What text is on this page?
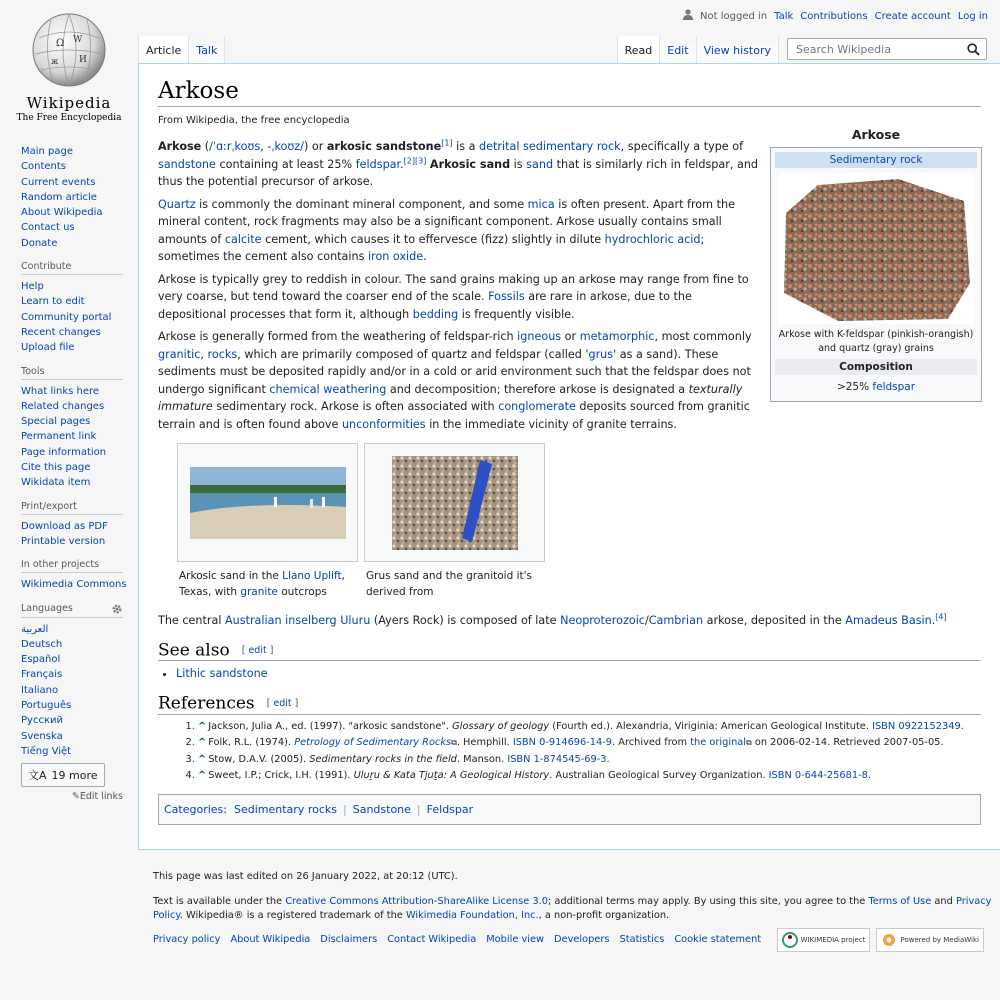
Ω W
И
ж
Wikipedia
The Free Encyclopedia
Main page
Contents
Current events
Random article
About Wikipedia
Contact us
Donate
Contribute
Help
Learn to edit
Community portal
Recent changes
Upload file
Tools
What links here
Related changes
Special pages
Permanent link
Page information
Cite this page
Wikidata item
Print/export
Download as PDF
Printable version
In other projects
Wikimedia Commons
Languages
العربية
Deutsch
Español
Français
Italiano
Português
Русский
Svenska
Tiếng Việt
文A 19 more
✎Edit links
Not logged in Talk Contributions Create account Log in
Article Talk	Read Edit View history
Search Wikipedia
Arkose
From Wikipedia, the free encyclopedia

Arkose (/ˈɑːrˌkoʊs, -ˌkoʊz/) or arkosic sandstone[1] is a detrital sedimentary rock, specifically a type of sandstone containing at least 25% feldspar.[2][3] Arkosic sand is sand that is similarly rich in feldspar, and thus the potential precursor of arkose.

Quartz is commonly the dominant mineral component, and some mica is often present. Apart from the mineral content, rock fragments may also be a significant component. Arkose usually contains small amounts of calcite cement, which causes it to effervesce (fizz) slightly in dilute hydrochloric acid; sometimes the cement also contains iron oxide.

Arkose is typically grey to reddish in colour. The sand grains making up an arkose may range from fine to very coarse, but tend toward the coarser end of the scale. Fossils are rare in arkose, due to the depositional processes that form it, although bedding is frequently visible.

Arkose is generally formed from the weathering of feldspar-rich igneous or metamorphic, most commonly granitic, rocks, which are primarily composed of quartz and feldspar (called 'grus' as a sand). These sediments must be deposited rapidly and/or in a cold or arid environment such that the feldspar does not undergo significant chemical weathering and decomposition; therefore arkose is designated a texturally immature sedimentary rock. Arkose is often associated with conglomerate deposits sourced from granitic terrain and is often found above unconformities in the immediate vicinity of granite terrains.

Arkosic sand in the Llano Uplift, Texas, with granite outcrops
Grus sand and the granitoid it's derived from

The central Australian inselberg Uluru (Ayers Rock) is composed of late Neoproterozoic/Cambrian arkose, deposited in the Amadeus Basin.[4]

See also [ edit ]
• Lithic sandstone
References [ edit ]
1. ^ Jackson, Julia A., ed. (1997). "arkosic sandstone". Glossary of geology (Fourth ed.). Alexandria, Viriginia: American Geological Institute. ISBN 0922152349.
2. ^ Folk, R.L. (1974). Petrology of Sedimentary Rocks⧉. Hemphill. ISBN 0-914696-14-9. Archived from the original⧉ on 2006-02-14. Retrieved 2007-05-05.
3. ^ Stow, D.A.V. (2005). Sedimentary rocks in the field. Manson. ISBN 1-874545-69-3.
4. ^ Sweet, I.P.; Crick, I.H. (1991). Uluṟu & Kata Tjuṯa: A Geological History. Australian Geological Survey Organization. ISBN 0-644-25681-8.
Categories:  Sedimentary rocks | Sandstone | Feldspar
Arkose
Sedimentary rock
Arkose with K-feldspar (pinkish-orangish) and quartz (gray) grains
Composition
>25% feldspar

This page was last edited on 26 January 2022, at 20:12 (UTC).

Text is available under the Creative Commons Attribution-ShareAlike License 3.0; additional terms may apply. By using this site, you agree to the Terms of Use and Privacy Policy. Wikipedia® is a registered trademark of the Wikimedia Foundation, Inc., a non-profit organization.

Privacy policy About Wikipedia Disclaimers Contact Wikipedia Mobile view Developers Statistics Cookie statement	WIKIMEDIA project	Powered by MediaWiki
